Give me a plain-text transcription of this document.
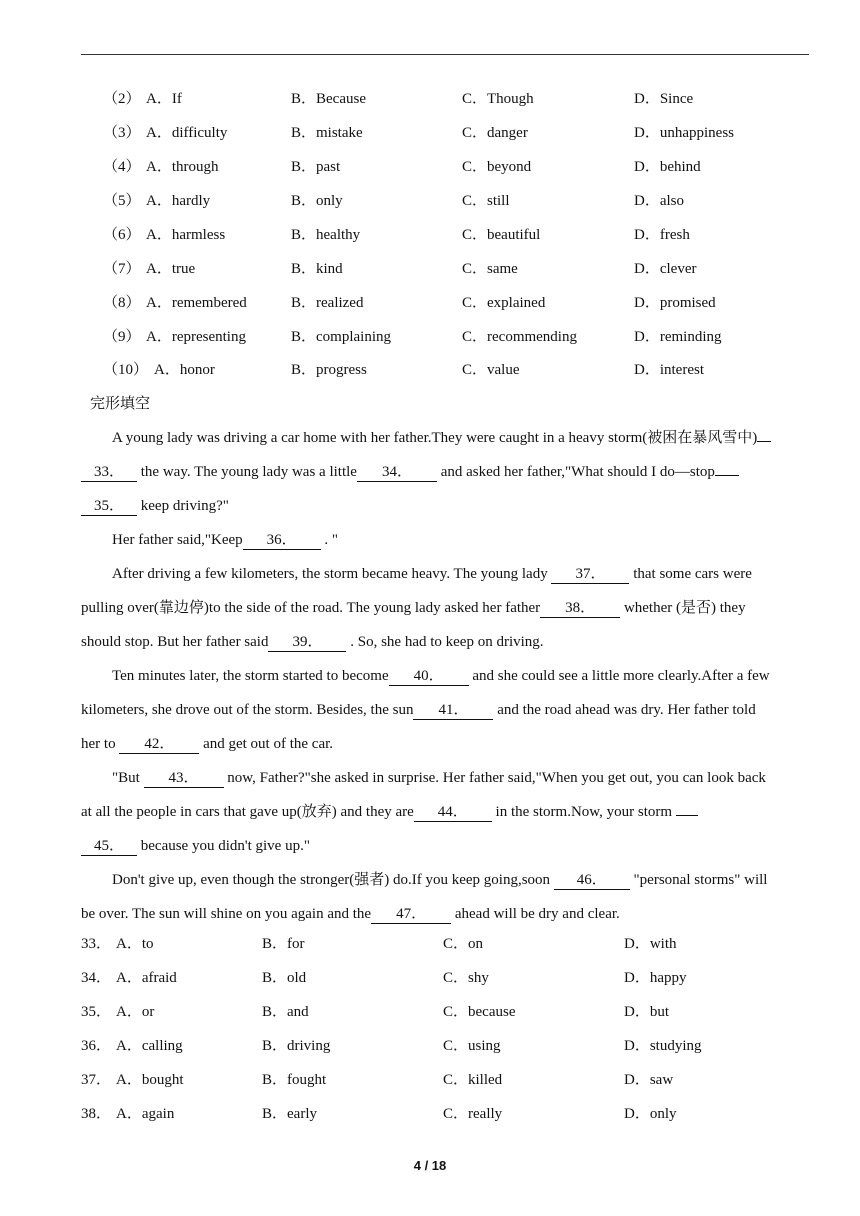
（2） A．If	B．Because	C．Though	D．Since
（3） A．difficulty	B．mistake	C．danger	D．unhappiness
（4） A．through	B．past	C．beyond	D．behind
（5） A．hardly	B．only	C．still	D．also
（6） A．harmless	B．healthy	C．beautiful	D．fresh
（7） A．true	B．kind	C．same	D．clever
（8） A．remembered	B．realized	C．explained	D．promised
（9） A．representing	B．complaining	C．recommending	D．reminding
（10） A．honor	B．progress	C．value	D．interest
完形填空
A young lady was driving a car home with her father.They were caught in a heavy storm(被困在暴风雪中)
33． the way. The young lady was a little 34． and asked her father,"What should I do—stop
35． keep driving?"
Her father said,"Keep 36． . "
After driving a few kilometers, the storm became heavy. The young lady 37． that some cars were
pulling over(靠边停)to the side of the road. The young lady asked her father 38． whether (是否) they
should stop. But her father said 39． . So, she had to keep on driving.
Ten minutes later, the storm started to become 40． and she could see a little more clearly.After a few
kilometers, she drove out of the storm. Besides, the sun 41． and the road ahead was dry. Her father told
her to 42． and get out of the car.
"But 43． now, Father?"she asked in surprise. Her father said,"When you get out, you can look back
at all the people in cars that gave up(放弃) and they are 44． in the storm.Now, your storm
45． because you didn't give up."
Don't give up, even though the stronger(强者) do.If you keep going,soon 46． "personal storms" will
be over. The sun will shine on you again and the 47． ahead will be dry and clear.
33． A．to	B．for	C．on	D．with
34． A．afraid	B．old	C．shy	D．happy
35． A．or	B．and	C．because	D．but
36． A．calling	B．driving	C．using	D．studying
37． A．bought	B．fought	C．killed	D．saw
38． A．again	B．early	C．really	D．only
4 / 18
